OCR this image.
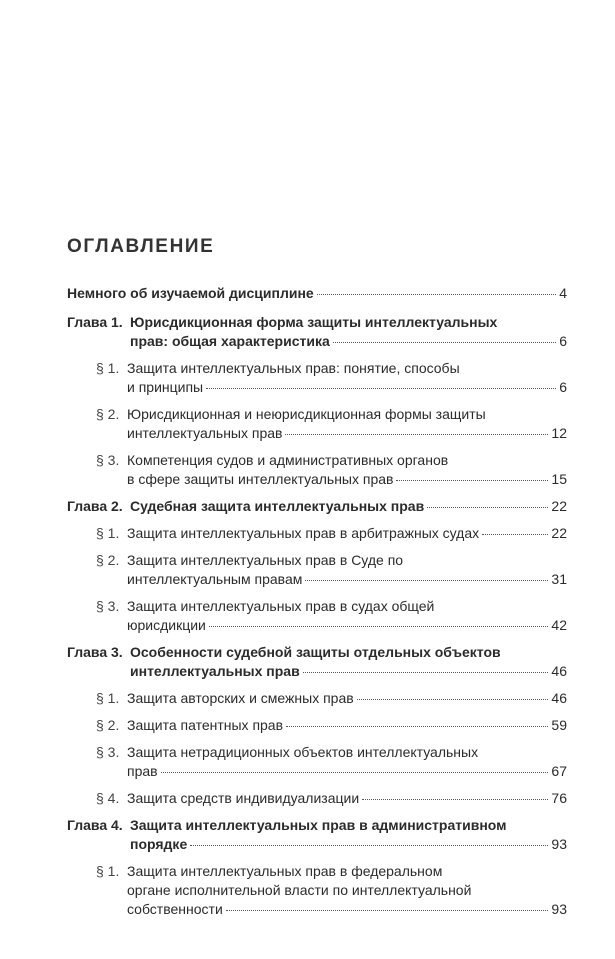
ОГЛАВЛЕНИЕ
Немного об изучаемой дисциплине	4
Глава 1. Юрисдикционная форма защиты интеллектуальных
прав: общая характеристика	6
§ 1. Защита интеллектуальных прав: понятие, способы
и принципы	6
§ 2. Юрисдикционная и неюрисдикционная формы защиты
интеллектуальных прав	12
§ 3. Компетенция судов и административных органов
в сфере защиты интеллектуальных прав	15
Глава 2. Судебная защита интеллектуальных прав	22
§ 1. Защита интеллектуальных прав в арбитражных судах	22
§ 2. Защита интеллектуальных прав в Суде по
интеллектуальным правам	31
§ 3. Защита интеллектуальных прав в судах общей
юрисдикции	42
Глава 3. Особенности судебной защиты отдельных объектов
интеллектуальных прав	46
§ 1. Защита авторских и смежных прав	46
§ 2. Защита патентных прав	59
§ 3. Защита нетрадиционных объектов интеллектуальных
прав	67
§ 4. Защита средств индивидуализации	76
Глава 4. Защита интеллектуальных прав в административном
порядке	93
§ 1. Защита интеллектуальных прав в федеральном
органе исполнительной власти по интеллектуальной
собственности	93
